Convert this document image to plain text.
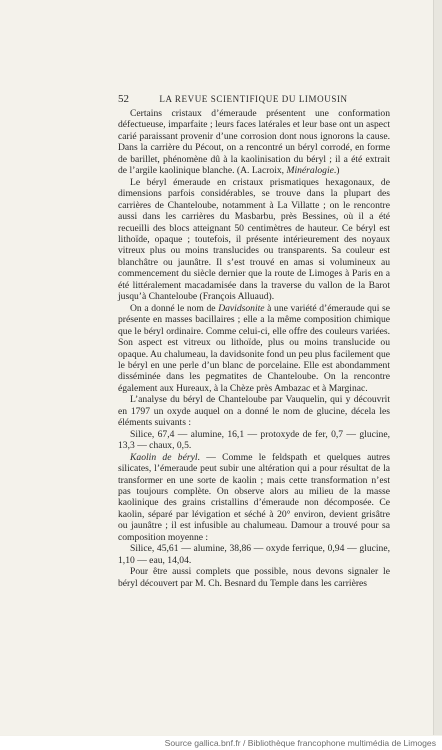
52	LA REVUE SCIENTIFIQUE DU LIMOUSIN

Certains cristaux d’émeraude présentent une conformation défectueuse, imparfaite ; leurs faces latérales et leur base ont un aspect carié paraissant provenir d’une corrosion dont nous ignorons la cause. Dans la carrière du Pécout, on a rencontré un béryl corrodé, en forme de barillet, phénomène dû à la kaolinisation du béryl ; il a été extrait de l’argile kaolinique blanche. (A. Lacroix, Minéralogie.)

Le béryl émeraude en cristaux prismatiques hexagonaux, de dimensions parfois considérables, se trouve dans la plupart des carrières de Chanteloube, notamment à La Villatte ; on le rencontre aussi dans les carrières du Masbarbu, près Bessines, où il a été recueilli des blocs atteignant 50 centimètres de hauteur. Ce béryl est lithoïde, opaque ; toutefois, il présente intérieurement des noyaux vitreux plus ou moins translucides ou transparents. Sa couleur est blanchâtre ou jaunâtre. Il s’est trouvé en amas si volumineux au commencement du siècle dernier que la route de Limoges à Paris en a été littéralement macadamisée dans la traverse du vallon de la Barot jusqu’à Chanteloube (François Alluaud).

On a donné le nom de Davidsonite à une variété d’émeraude qui se présente en masses bacillaires ; elle a la même composition chimique que le béryl ordinaire. Comme celui-ci, elle offre des couleurs variées. Son aspect est vitreux ou lithoïde, plus ou moins translucide ou opaque. Au chalumeau, la davidsonite fond un peu plus facilement que le béryl en une perle d’un blanc de porcelaine. Elle est abondamment disséminée dans les pegmatites de Chanteloube. On la rencontre également aux Hureaux, à la Chèze près Ambazac et à Marginac.

L’analyse du béryl de Chanteloube par Vauquelin, qui y découvrit en 1797 un oxyde auquel on a donné le nom de glucine, décela les éléments suivants :

Silice, 67,4 — alumine, 16,1 — protoxyde de fer, 0,7 — glucine, 13,3 — chaux, 0,5.

Kaolin de béryl. — Comme le feldspath et quelques autres silicates, l’émeraude peut subir une altération qui a pour résultat de la transformer en une sorte de kaolin ; mais cette transformation n’est pas toujours complète. On observe alors au milieu de la masse kaolinique des grains cristallins d’émeraude non décomposée. Ce kaolin, séparé par lévigation et séché à 20° environ, devient grisâtre ou jaunâtre ; il est infusible au chalumeau. Damour a trouvé pour sa composition moyenne :

Silice, 45,61 — alumine, 38,86 — oxyde ferrique, 0,94 — glucine, 1,10 — eau, 14,04.

Pour être aussi complets que possible, nous devons signaler le béryl découvert par M. Ch. Besnard du Temple dans les carrières

Source gallica.bnf.fr / Bibliothèque francophone multimédia de Limoges
